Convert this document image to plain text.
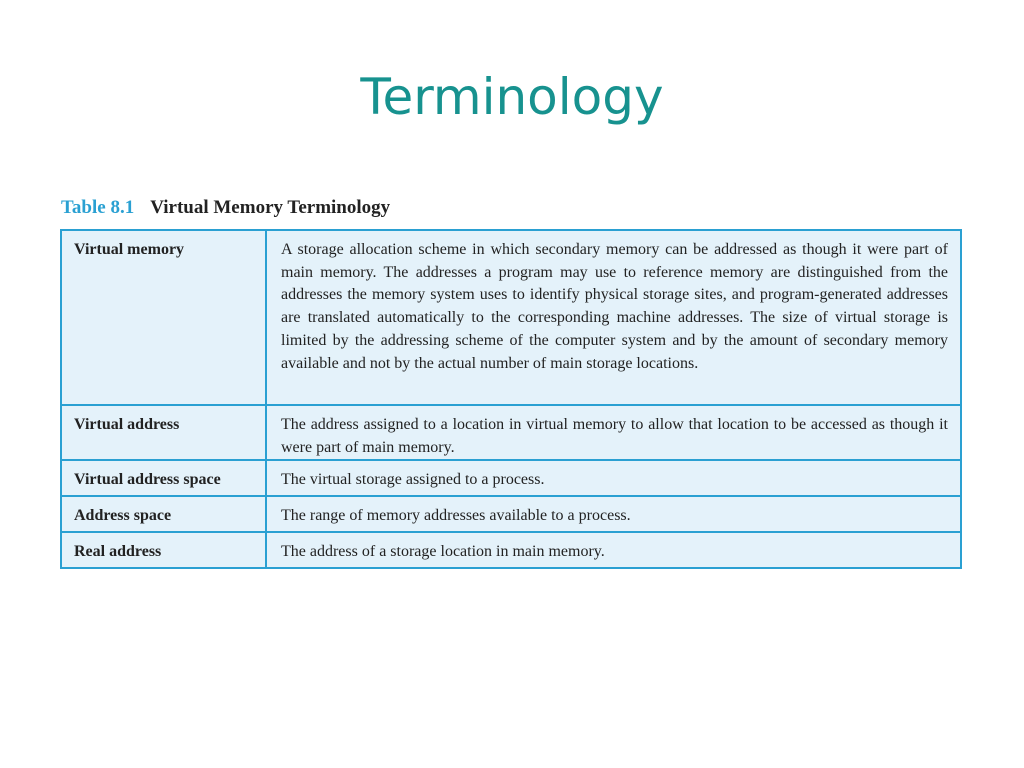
Terminology
Table 8.1 Virtual Memory Terminology
Virtual memory	A storage allocation scheme in which secondary memory can be addressed as though it were part of main memory. The addresses a program may use to reference memory are distinguished from the addresses the memory system uses to identify physical storage sites, and program-generated addresses are translated automatically to the corresponding machine addresses. The size of virtual storage is limited by the addressing scheme of the computer system and by the amount of secondary memory available and not by the actual number of main storage locations.
Virtual address	The address assigned to a location in virtual memory to allow that location to be accessed as though it were part of main memory.
Virtual address space	The virtual storage assigned to a process.
Address space	The range of memory addresses available to a process.
Real address	The address of a storage location in main memory.
